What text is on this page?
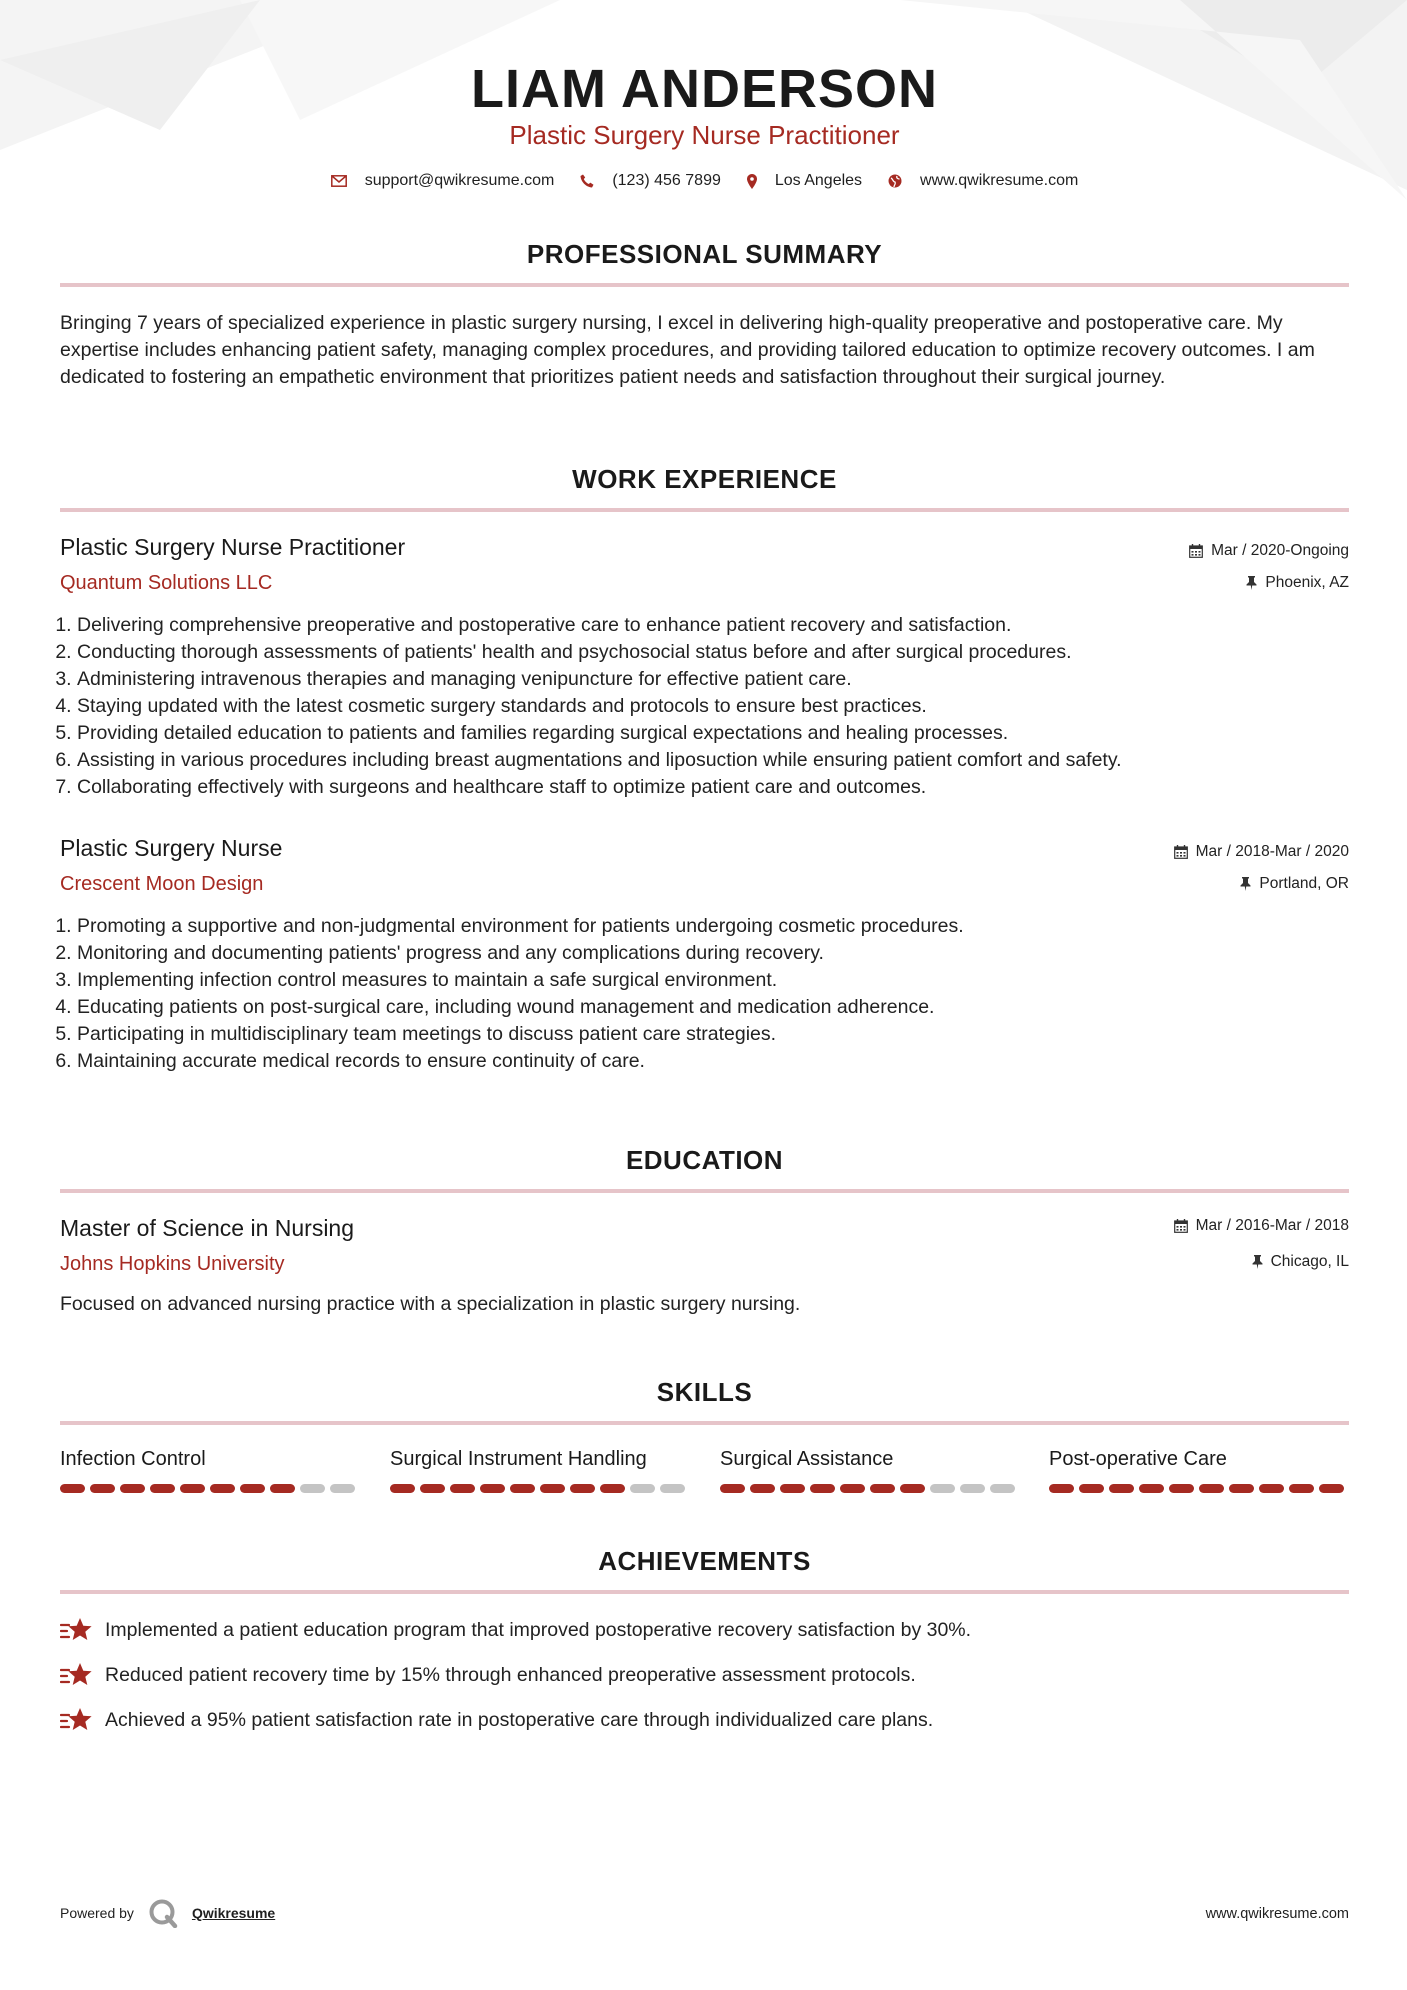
LIAM ANDERSON
Plastic Surgery Nurse Practitioner
support@qwikresume.com	(123) 456 7899	Los Angeles	www.qwikresume.com
PROFESSIONAL SUMMARY

Bringing 7 years of specialized experience in plastic surgery nursing, I excel in delivering high-quality preoperative and postoperative care. My expertise includes enhancing patient safety, managing complex procedures, and providing tailored education to optimize recovery outcomes. I am dedicated to fostering an empathetic environment that prioritizes patient needs and satisfaction throughout their surgical journey.

WORK EXPERIENCE
Plastic Surgery Nurse Practitioner
Quantum Solutions LLC
Mar / 2020-Ongoing
Phoenix, AZ
1. Delivering comprehensive preoperative and postoperative care to enhance patient recovery and satisfaction.
2. Conducting thorough assessments of patients' health and psychosocial status before and after surgical procedures.
3. Administering intravenous therapies and managing venipuncture for effective patient care.
4. Staying updated with the latest cosmetic surgery standards and protocols to ensure best practices.
5. Providing detailed education to patients and families regarding surgical expectations and healing processes.
6. Assisting in various procedures including breast augmentations and liposuction while ensuring patient comfort and safety.
7. Collaborating effectively with surgeons and healthcare staff to optimize patient care and outcomes.
Plastic Surgery Nurse
Crescent Moon Design
Mar / 2018-Mar / 2020
Portland, OR
1. Promoting a supportive and non-judgmental environment for patients undergoing cosmetic procedures.
2. Monitoring and documenting patients' progress and any complications during recovery.
3. Implementing infection control measures to maintain a safe surgical environment.
4. Educating patients on post-surgical care, including wound management and medication adherence.
5. Participating in multidisciplinary team meetings to discuss patient care strategies.
6. Maintaining accurate medical records to ensure continuity of care.
EDUCATION
Master of Science in Nursing
Johns Hopkins University
Mar / 2016-Mar / 2018
Chicago, IL
Focused on advanced nursing practice with a specialization in plastic surgery nursing.
SKILLS
Infection Control	Surgical Instrument Handling	Surgical Assistance	Post-operative Care
ACHIEVEMENTS
Implemented a patient education program that improved postoperative recovery satisfaction by 30%.
Reduced patient recovery time by 15% through enhanced preoperative assessment protocols.
Achieved a 95% patient satisfaction rate in postoperative care through individualized care plans.
Powered by	Qwikresume	www.qwikresume.com
